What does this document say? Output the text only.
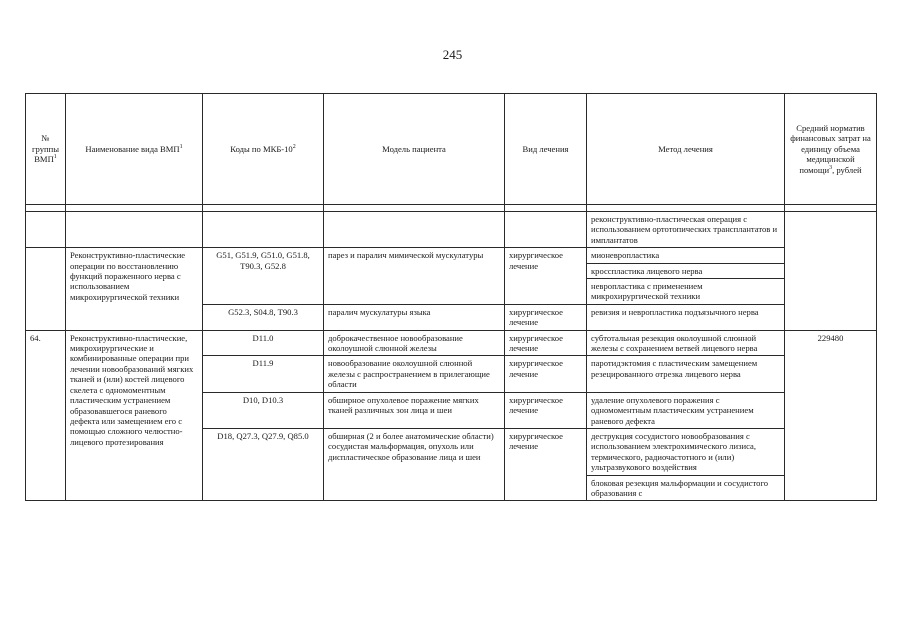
245
№ группы ВМП$^1$	Наименование вида ВМП$^1$	Коды по МКБ-$10^2$	Модель пациента	Вид лечения	Метод лечения	Средний норматив финансовых затрат на единицу объема медицинской помощи$^3$, рублей

					реконструктивно-пластическая операция с использованием ортотопических трансплантатов и имплантатов	
	Реконструктивно-пластические операции по восстановлению функций пораженного нерва с использованием микрохирургической техники	G51, G51.9, G51.0, G51.8, T90.3, G52.8	парез и паралич мимической мускулатуры	хирургическое лечение	мионевропластика	
					кросспластика лицевого нерва	
					невропластика с применением микрохирургической техники	
		G52.3, S04.8, T90.3	паралич мускулатуры языка	хирургическое лечение	ревизия и невропластика подъязычного нерва	
64.	Реконструктивно-пластические, микрохирургические и комбинированные операции при лечении новообразований мягких тканей и (или) костей лицевого скелета с одномоментным пластическим устранением образовавшегося раневого дефекта или замещением его с помощью сложного челюстно-лицевого протезирования	D11.0	доброкачественное новообразование околоушной слюнной железы	хирургическое лечение	субтотальная резекция околоушной слюнной железы с сохранением ветвей лицевого нерва	229480
		D11.9	новообразование околоушной слюнной железы с распространением в прилегающие области	хирургическое лечение	паротидэктомия с пластическим замещением резецированного отрезка лицевого нерва	
		D10, D10.3	обширное опухолевое поражение мягких тканей различных зон лица и шеи	хирургическое лечение	удаление опухолевого поражения с одномоментным пластическим устранением раневого дефекта	
		D18, Q27.3, Q27.9, Q85.0	обширная (2 и более анатомические области) сосудистая мальформация, опухоль или диспластическое образование лица и шеи	хирургическое лечение	деструкция сосудистого новообразования с использованием электрохимического лизиса, термического, радиочастотного и (или) ультразвукового воздействия	
					блоковая резекция мальформации и сосудистого образования с	
